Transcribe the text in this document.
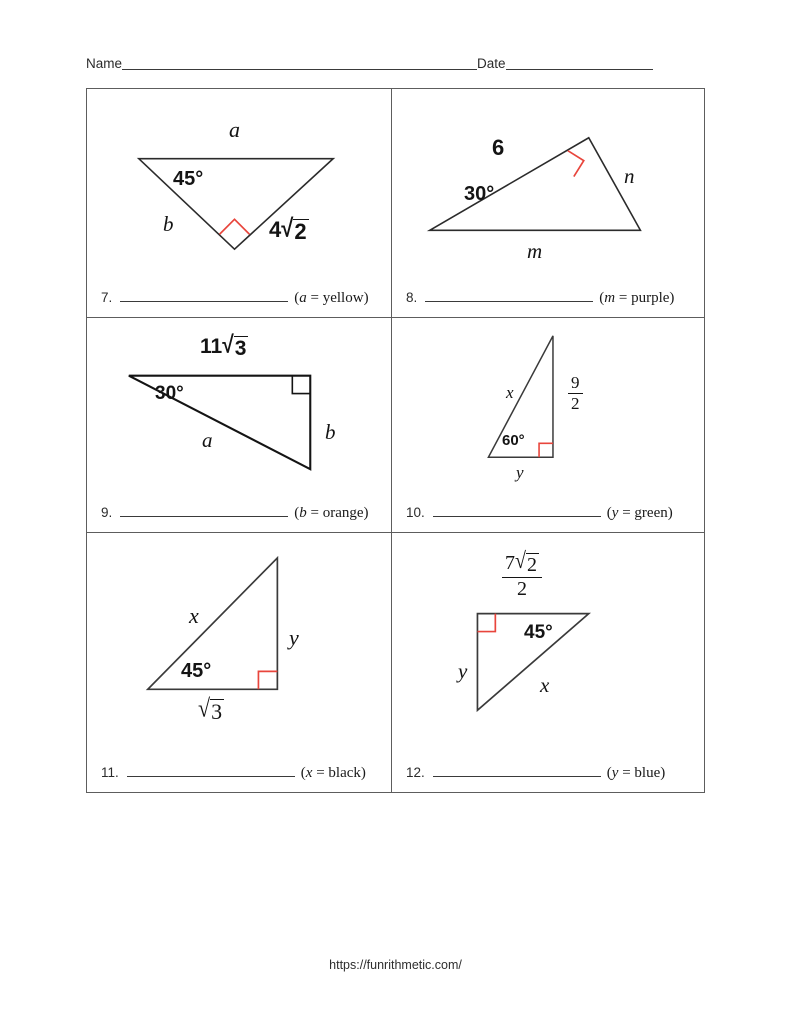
Name	Date
a
45°
b	4 √ 2
7.	(a = yellow)
6
30°
n
m
8.	(m = purple)
11 √ 3
30°
a	b
9.	(b = orange)
x	$\frac{9}{2}$
60°
y
10.	(y = green)
x
y
45°
√ 3
11.	(x = black)
$\frac{7 √ 2}{2}$
45°
y
x
12.	(y = blue)
https://funrithmetic.com/
